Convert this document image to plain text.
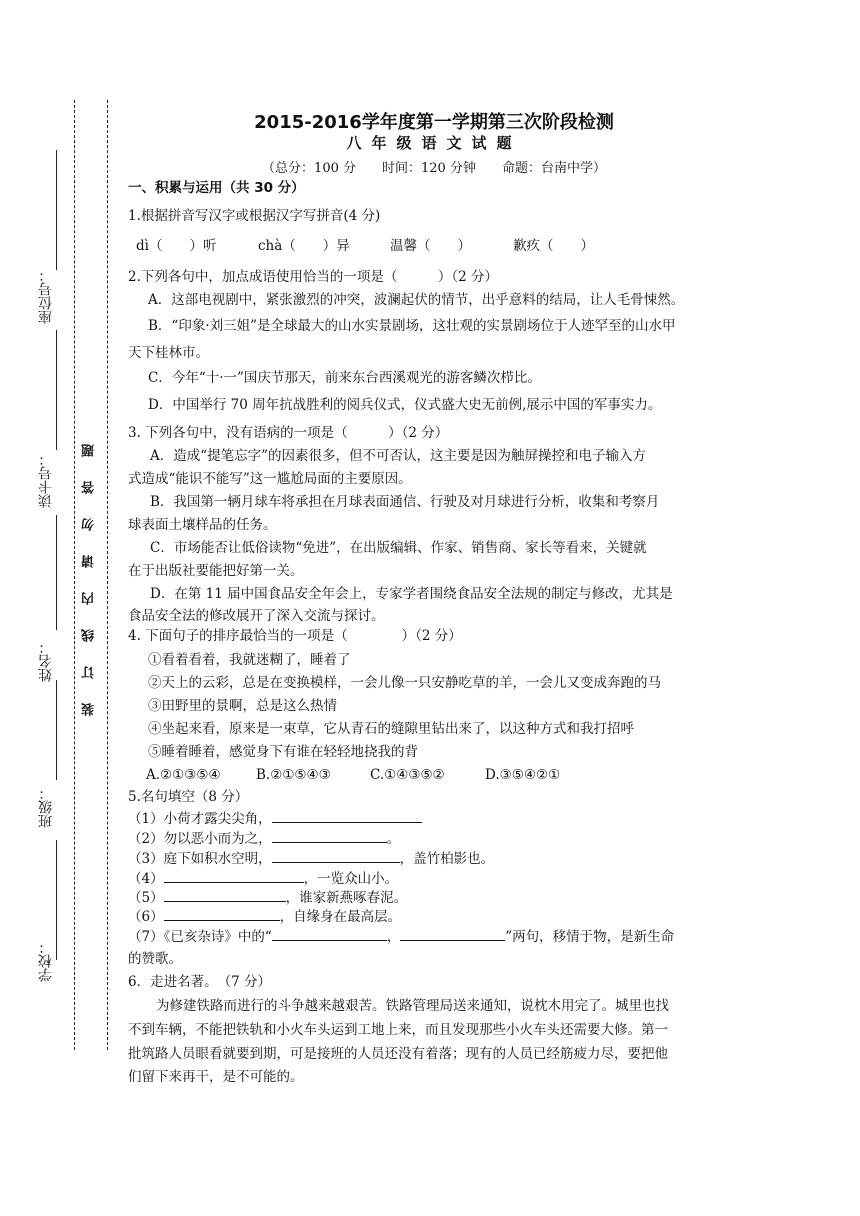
座位号：
读卡号：
姓名：
班级：
学校：
装订线内请勿答题
2015-2016学年度第一学期第三次阶段检测
八年级语文试题
（总分：100 分　　时间：120 分钟　　命题：台南中学）
一、积累与运用（共 30 分）
1.根据拼音写汉字或根据汉字写拼音(4 分)
dì（　　）听	chà（　　）异	温馨（　　）	歉疚（　　）
2.下列各句中，加点成语使用恰当的一项是（　　　）（2 分）
A．这部电视剧中，紧张激烈的冲突，波澜起伏的情节，出乎意料的结局，让人毛骨悚然。
B．“印象·刘三姐”是全球最大的山水实景剧场，这壮观的实景剧场位于人迹罕至的山水甲
天下桂林市。
C．今年“十·一”国庆节那天，前来东台西溪观光的游客鳞次栉比。
D．中国举行 70 周年抗战胜利的阅兵仪式，仪式盛大史无前例,展示中国的军事实力。
3. 下列各句中，没有语病的一项是（　　　）（2 分）
A．造成“提笔忘字”的因素很多，但不可否认，这主要是因为触屏操控和电子输入方
式造成“能识不能写”这一尴尬局面的主要原因。
B．我国第一辆月球车将承担在月球表面通信、行驶及对月球进行分析，收集和考察月
球表面土壤样品的任务。
C．市场能否让低俗读物“免进”，在出版编辑、作家、销售商、家长等看来，关键就
在于出版社要能把好第一关。
D．在第 11 届中国食品安全年会上，专家学者围绕食品安全法规的制定与修改，尤其是
食品安全法的修改展开了深入交流与探讨。
4. 下面句子的排序最恰当的一项是（　　　　）（2 分）
①看着看着，我就迷糊了，睡着了
②天上的云彩，总是在变换模样，一会儿像一只安静吃草的羊，一会儿又变成奔跑的马
③田野里的景啊，总是这么热情
④坐起来看，原来是一束草，它从青石的缝隙里钻出来了，以这种方式和我打招呼
⑤睡着睡着，感觉身下有谁在轻轻地挠我的背
A.②①③⑤④	B.②①⑤④③	C.①④③⑤②	D.③⑤④②①
5.名句填空（8 分）
（1）小荷才露尖尖角，
（2）勿以恶小而为之，	。
（3）庭下如积水空明，	，盖竹柏影也。
（4）	，一览众山小。
（5）	，谁家新燕啄春泥。
（6）	，自缘身在最高层。
（7）《已亥杂诗》中的“	，	”两句，移情于物，是新生命
的赞歌。
6．走进名著。　（7 分）
为修建铁路而进行的斗争越来越艰苦。铁路管理局送来通知，说枕木用完了。城里也找
不到车辆，不能把铁轨和小火车头运到工地上来，而且发现那些小火车头还需要大修。第一
批筑路人员眼看就要到期，可是接班的人员还没有着落；现有的人员已经筋疲力尽，要把他
们留下来再干，是不可能的。
